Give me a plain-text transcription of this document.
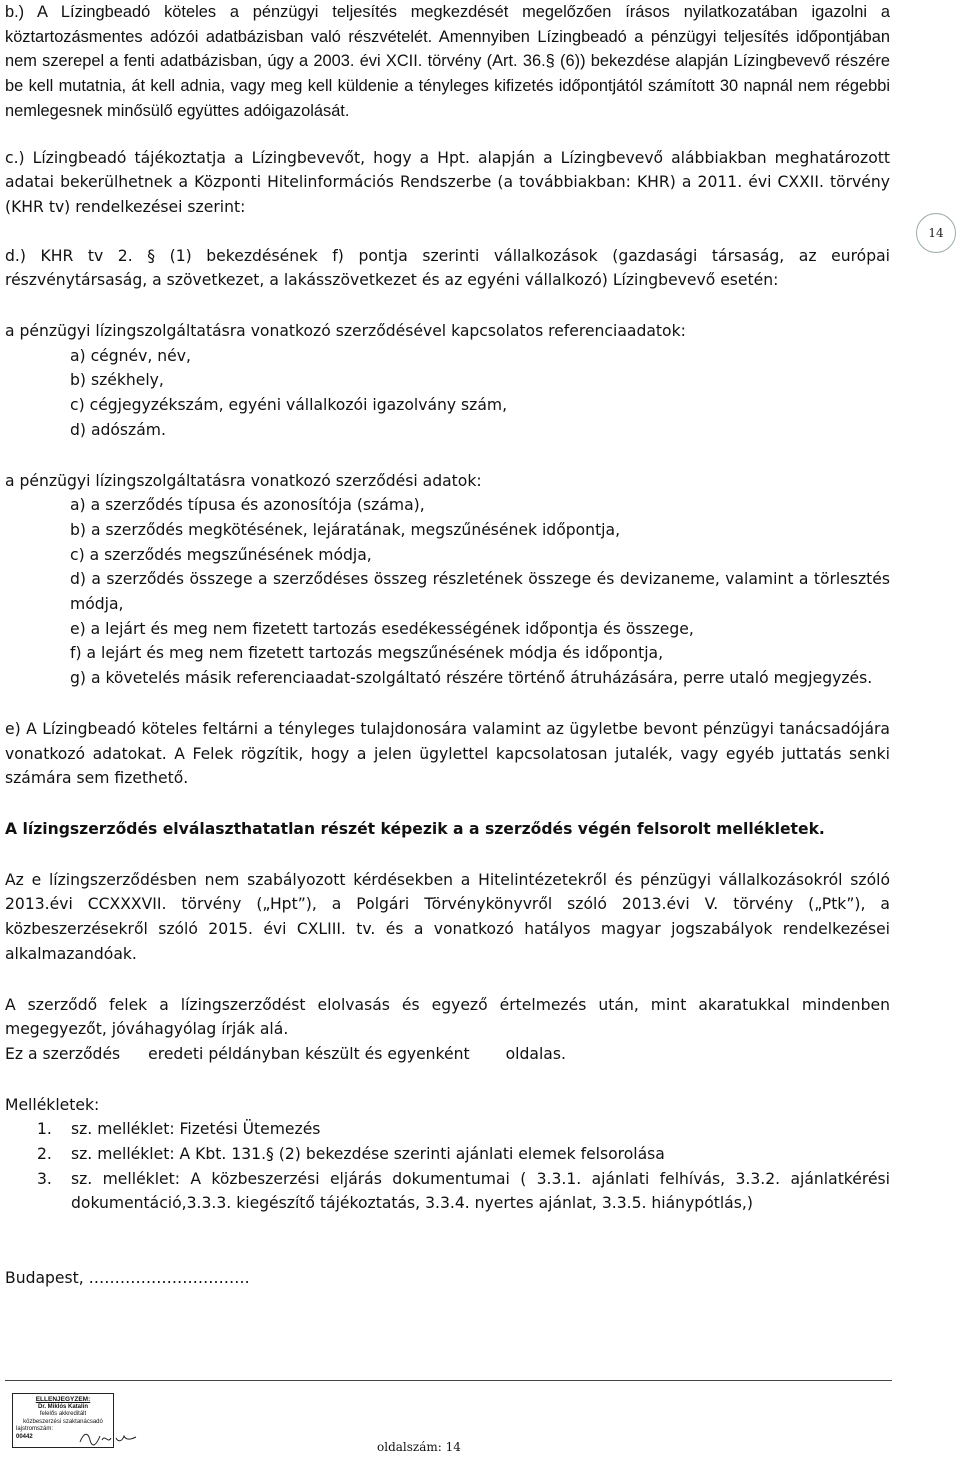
b.) A Lízingbeadó köteles a pénzügyi teljesítés megkezdését megelőzően írásos nyilatkozatában igazolni a köztartozásmentes adózói adatbázisban való részvételét. Amennyiben Lízingbeadó a pénzügyi teljesítés időpontjában nem szerepel a fenti adatbázisban, úgy a 2003. évi XCII. törvény (Art. 36.§ (6)) bekezdése alapján Lízingbevevő részére be kell mutatnia, át kell adnia, vagy meg kell küldenie a tényleges kifizetés időpontjától számított 30 napnál nem régebbi nemlegesnek minősülő együttes adóigazolását.

c.) Lízingbeadó tájékoztatja a Lízingbevevőt, hogy a Hpt. alapján a Lízingbevevő alábbiakban meghatározott adatai bekerülhetnek a Központi Hitelinformációs Rendszerbe (a továbbiakban: KHR) a 2011. évi CXXII. törvény (KHR tv) rendelkezései szerint:

d.) KHR tv 2. § (1) bekezdésének f) pontja szerinti vállalkozások (gazdasági társaság, az európai részvénytársaság, a szövetkezet, a lakásszövetkezet és az egyéni vállalkozó) Lízingbevevő esetén:

a pénzügyi lízingszolgáltatásra vonatkozó szerződésével kapcsolatos referenciaadatok:

a) cégnév, név,

b) székhely,

c) cégjegyzékszám, egyéni vállalkozói igazolvány szám,

d) adószám.

a pénzügyi lízingszolgáltatásra vonatkozó szerződési adatok:

a) a szerződés típusa és azonosítója (száma),

b) a szerződés megkötésének, lejáratának, megszűnésének időpontja,

c) a szerződés megszűnésének módja,

d) a szerződés összege a szerződéses összeg részletének összege és devizaneme, valamint a törlesztés módja,

e) a lejárt és meg nem fizetett tartozás esedékességének időpontja és összege,

f) a lejárt és meg nem fizetett tartozás megszűnésének módja és időpontja,

g) a követelés másik referenciaadat-szolgáltató részére történő átruházására, perre utaló megjegyzés.

e) A Lízingbeadó köteles feltárni a tényleges tulajdonosára valamint az ügyletbe bevont pénzügyi tanácsadójára vonatkozó adatokat. A Felek rögzítik, hogy a jelen ügylettel kapcsolatosan jutalék, vagy egyéb juttatás senki számára sem fizethető.

A lízingszerződés elválaszthatatlan részét képezik a a szerződés végén felsorolt mellékletek.

Az e lízingszerződésben nem szabályozott kérdésekben a Hitelintézetekről és pénzügyi vállalkozásokról szóló 2013.évi CCXXXVII. törvény („Hpt”), a Polgári Törvénykönyvről szóló 2013.évi V. törvény („Ptk”), a közbeszerzésekről szóló 2015. évi CXLIII. tv. és a vonatkozó hatályos magyar jogszabályok rendelkezései alkalmazandóak.

A szerződő felek a lízingszerződést elolvasás és egyező értelmezés után, mint akaratukkal mindenben megegyezőt, jóváhagyólag írják alá.

Ez a szerződés eredeti példányban készült és egyenként oldalas.

Mellékletek:

1.	sz. melléklet: Fizetési Ütemezés
2.	sz. melléklet: A Kbt. 131.§ (2) bekezdése szerinti ajánlati elemek felsorolása
3.	sz. melléklet: A közbeszerzési eljárás dokumentumai ( 3.3.1. ajánlati felhívás, 3.3.2. ajánlatkérési dokumentáció,3.3.3. kiegészítő tájékoztatás, 3.3.4. nyertes ajánlat, 3.3.5. hiánypótlás,)

Budapest, ………………………….

14
ELLENJEGYZEM:
Dr. Miklós Katalin
felelős akkreditált
közbeszerzési szaktanácsadó
lajstromszám:
00442
oldalszám: 14
